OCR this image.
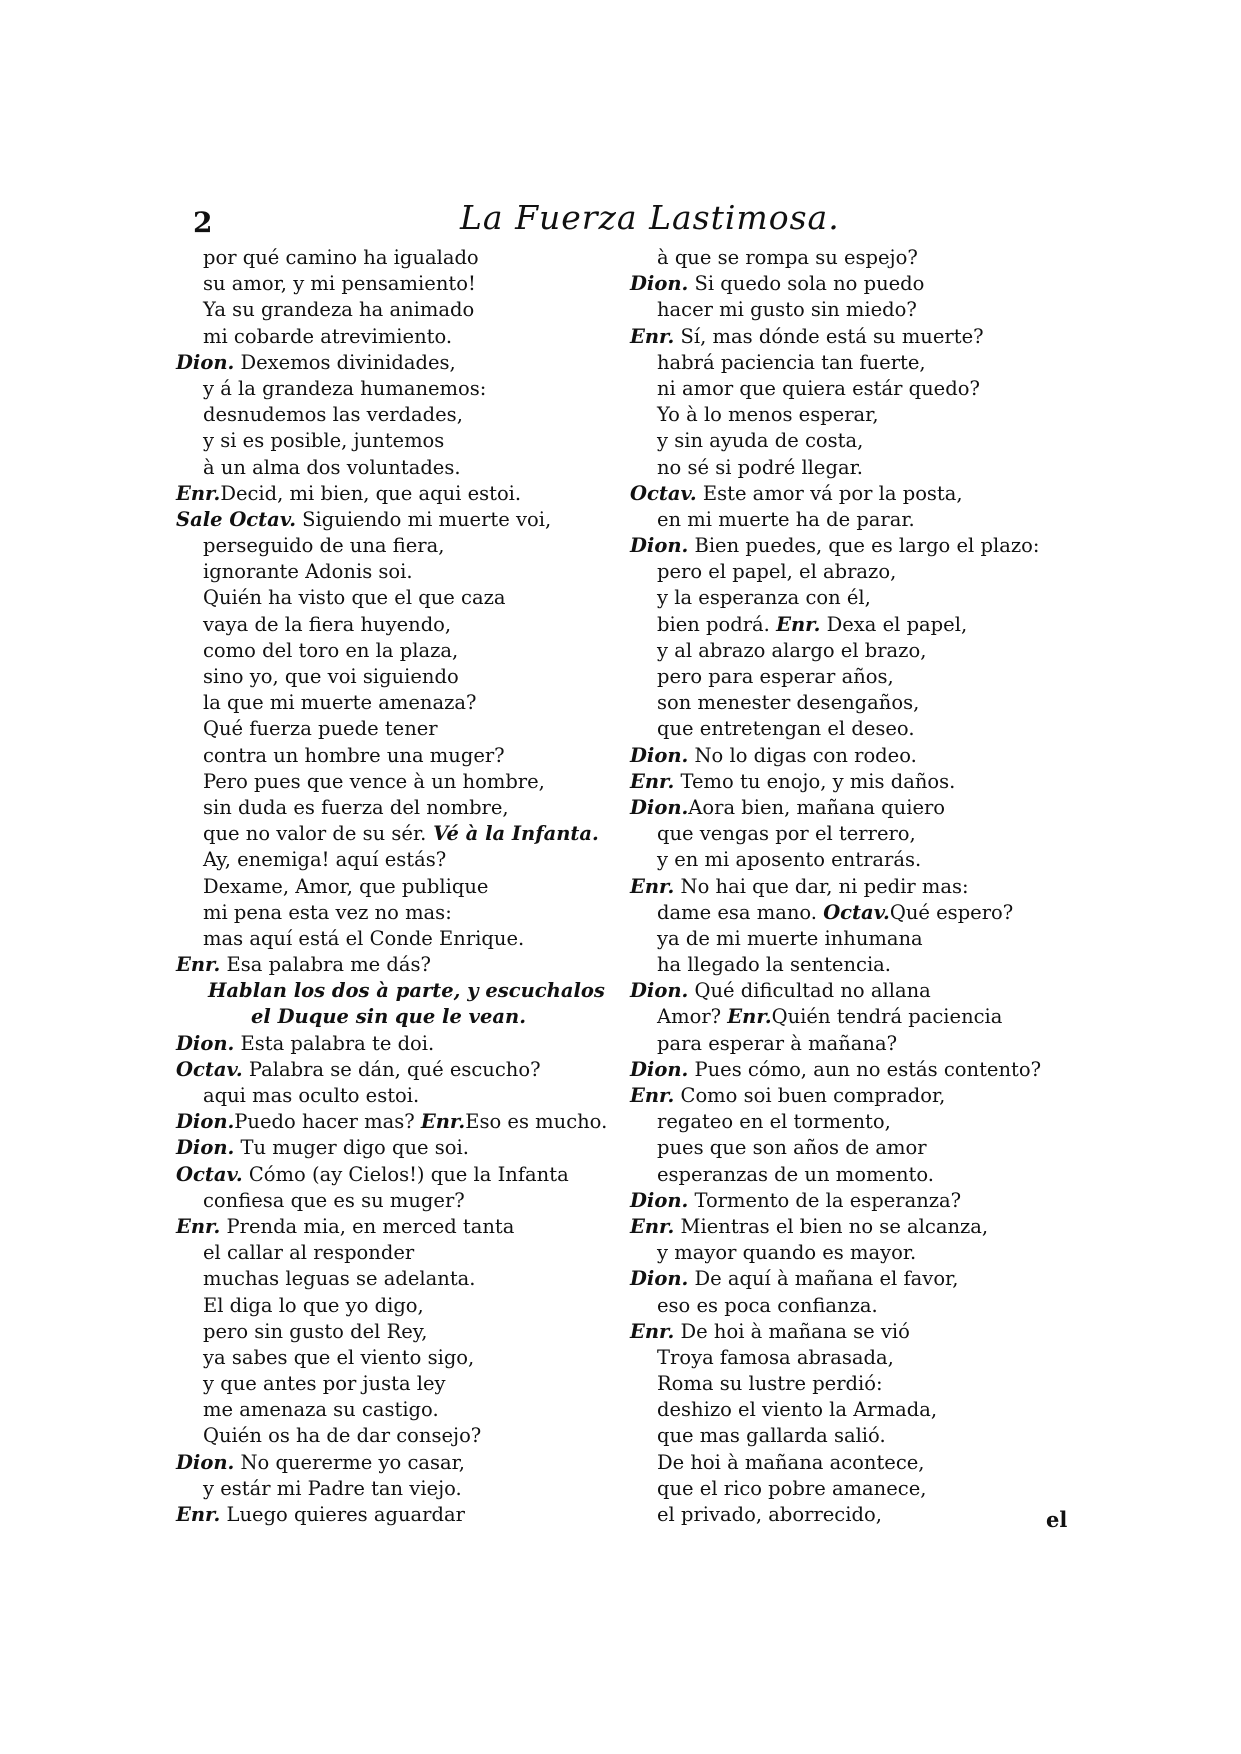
2	La Fuerza Lastimosa.
por qué camino ha igualado
su amor, y mi pensamiento!
Ya su grandeza ha animado
mi cobarde atrevimiento.
Dion. Dexemos divinidades,
y á la grandeza humanemos:
desnudemos las verdades,
y si es posible, juntemos
à un alma dos voluntades.
Enr.Decid, mi bien, que aqui estoi.
Sale Octav. Siguiendo mi muerte voi,
perseguido de una fiera,
ignorante Adonis soi.
Quién ha visto que el que caza
vaya de la fiera huyendo,
como del toro en la plaza,
sino yo, que voi siguiendo
la que mi muerte amenaza?
Qué fuerza puede tener
contra un hombre una muger?
Pero pues que vence à un hombre,
sin duda es fuerza del nombre,
que no valor de su sér. Vé à la Infanta.
Ay, enemiga! aquí estás?
Dexame, Amor, que publique
mi pena esta vez no mas:
mas aquí está el Conde Enrique.
Enr. Esa palabra me dás?
Hablan los dos à parte, y escuchalos
el Duque sin que le vean.
Dion. Esta palabra te doi.
Octav. Palabra se dán, qué escucho?
aqui mas oculto estoi.
Dion.Puedo hacer mas? Enr.Eso es mucho.
Dion. Tu muger digo que soi.
Octav. Cómo (ay Cielos!) que la Infanta
confiesa que es su muger?
Enr. Prenda mia, en merced tanta
el callar al responder
muchas leguas se adelanta.
El diga lo que yo digo,
pero sin gusto del Rey,
ya sabes que el viento sigo,
y que antes por justa ley
me amenaza su castigo.
Quién os ha de dar consejo?
Dion. No quererme yo casar,
y estár mi Padre tan viejo.
Enr. Luego quieres aguardar
à que se rompa su espejo?
Dion. Si quedo sola no puedo
hacer mi gusto sin miedo?
Enr. Sí, mas dónde está su muerte?
habrá paciencia tan fuerte,
ni amor que quiera estár quedo?
Yo à lo menos esperar,
y sin ayuda de costa,
no sé si podré llegar.
Octav. Este amor vá por la posta,
en mi muerte ha de parar.
Dion. Bien puedes, que es largo el plazo:
pero el papel, el abrazo,
y la esperanza con él,
bien podrá. Enr. Dexa el papel,
y al abrazo alargo el brazo,
pero para esperar años,
son menester desengaños,
que entretengan el deseo.
Dion. No lo digas con rodeo.
Enr. Temo tu enojo, y mis daños.
Dion.Aora bien, mañana quiero
que vengas por el terrero,
y en mi aposento entrarás.
Enr. No hai que dar, ni pedir mas:
dame esa mano. Octav.Qué espero?
ya de mi muerte inhumana
ha llegado la sentencia.
Dion. Qué dificultad no allana
Amor? Enr.Quién tendrá paciencia
para esperar à mañana?
Dion. Pues cómo, aun no estás contento?
Enr. Como soi buen comprador,
regateo en el tormento,
pues que son años de amor
esperanzas de un momento.
Dion. Tormento de la esperanza?
Enr. Mientras el bien no se alcanza,
y mayor quando es mayor.
Dion. De aquí à mañana el favor,
eso es poca confianza.
Enr. De hoi à mañana se vió
Troya famosa abrasada,
Roma su lustre perdió:
deshizo el viento la Armada,
que mas gallarda salió.
De hoi à mañana acontece,
que el rico pobre amanece,
el privado, aborrecido,	el
